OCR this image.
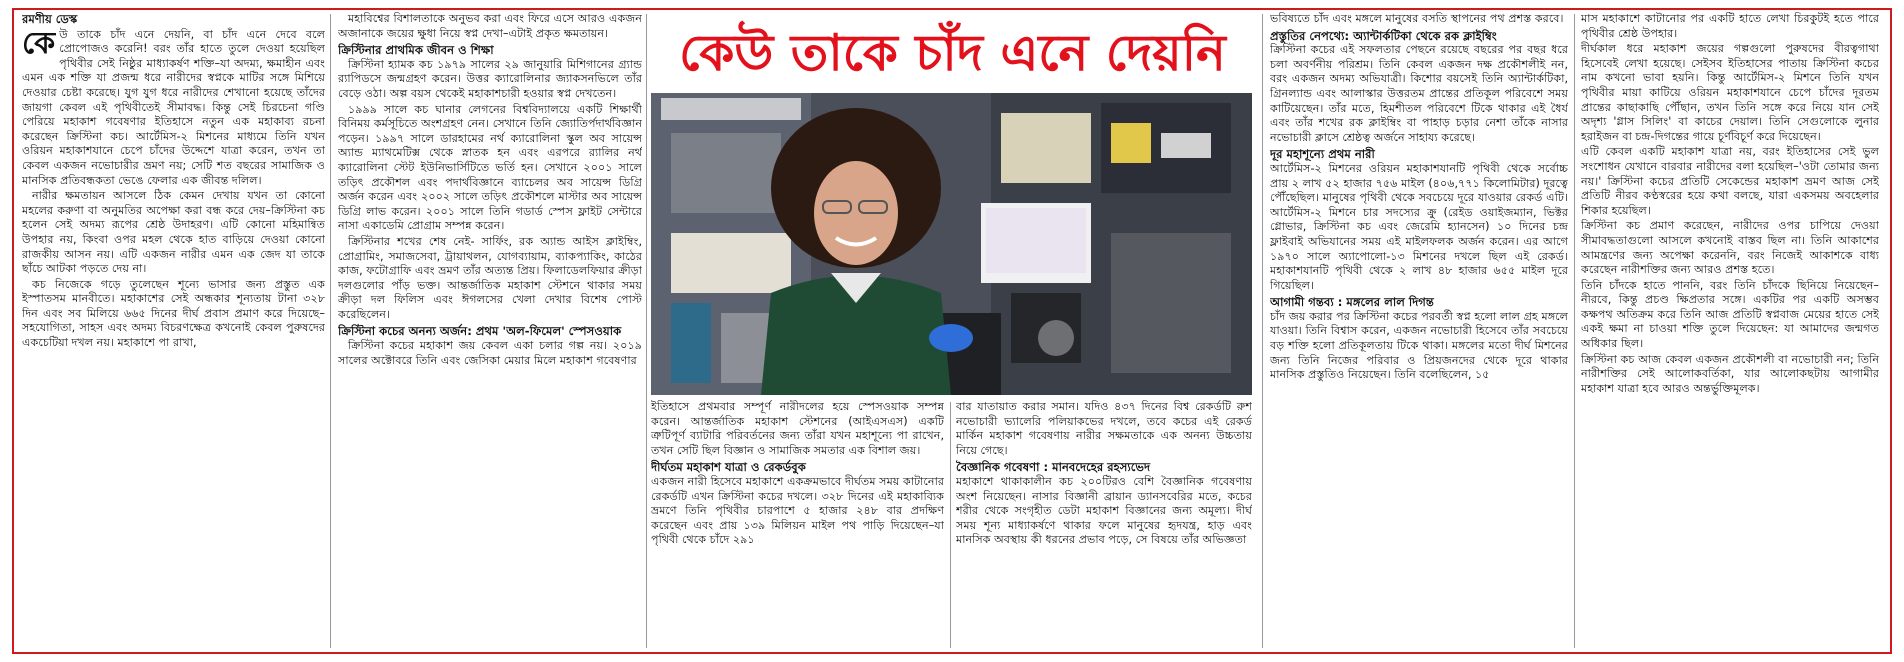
রমণীয় ডেস্ক

কেউ তাকে চাঁদ এনে দেয়নি, বা চাঁদ এনে দেবে বলে প্রোপোজও করেনি! বরং তাঁর হাতে তুলে দেওয়া হয়েছিল পৃথিবীর সেই নিষ্ঠুর মাধ্যাকর্ষণ শক্তি–যা অদম্য, ক্ষমাহীন এবং এমন এক শক্তি যা প্রজন্ম ধরে নারীদের স্বপ্নকে মাটির সঙ্গে মিশিয়ে দেওয়ার চেষ্টা করেছে। যুগ যুগ ধরে নারীদের শেখানো হয়েছে তাঁদের জায়গা কেবল এই পৃথিবীতেই সীমাবদ্ধ। কিন্তু সেই চিরচেনা গণ্ডি পেরিয়ে মহাকাশ গবেষণার ইতিহাসে নতুন এক মহাকাব্য রচনা করেছেন ক্রিস্টিনা কচ। আর্টেমিস-২ মিশনের মাধ্যমে তিনি যখন ওরিয়ন মহাকাশযানে চেপে চাঁদের উদ্দেশে যাত্রা করেন, তখন তা কেবল একজন নভোচারীর ভ্রমণ নয়; সেটি শত বছরের সামাজিক ও মানসিক প্রতিবন্ধকতা ভেঙে ফেলার এক জীবন্ত দলিল।

নারীর ক্ষমতায়ন আসলে ঠিক কেমন দেখায় যখন তা কোনো মহলের করুণা বা অনুমতির অপেক্ষা করা বন্ধ করে দেয়–ক্রিস্টিনা কচ হলেন সেই অদম্য রূপের শ্রেষ্ঠ উদাহরণ। এটি কোনো মহিমান্বিত উপহার নয়, কিংবা ওপর মহল থেকে হাত বাড়িয়ে দেওয়া কোনো রাজকীয় আসন নয়। এটি একজন নারীর এমন এক জেদ যা তাকে ছাঁচে আটকা পড়তে দেয় না।

কচ নিজেকে গড়ে তুলেছেন শূন্যে ভাসার জন্য প্রস্তুত এক ইস্পাতসম মানবীতে। মহাকাশের সেই অন্ধকার শূন্যতায় টানা ৩২৮ দিন এবং সব মিলিয়ে ৬৬৫ দিনের দীর্ঘ প্রবাস প্রমাণ করে দিয়েছে–সহযোগিতা, সাহস এবং অদম্য বিচরণক্ষেত্র কখনোই কেবল পুরুষদের একচেটিয়া দখল নয়। মহাকাশে পা রাখা,

মহাবিশ্বের বিশালতাকে অনুভব করা এবং ফিরে এসে আরও একজন অজানাকে জয়ের ক্ষুধা নিয়ে স্বপ্ন দেখা–এটাই প্রকৃত ক্ষমতায়ন।

ক্রিস্টিনার প্রাথমিক জীবন ও শিক্ষা

ক্রিস্টিনা হ্যামক কচ ১৯৭৯ সালের ২৯ জানুয়ারি মিশিগানের গ্র্যান্ড র‍্যাপিডসে জন্মগ্রহণ করেন। উত্তর ক্যারোলিনার জ্যাকসনভিলে তাঁর বেড়ে ওঠা। অল্প বয়স থেকেই মহাকাশচারী হওয়ার স্বপ্ন দেখতেন।

১৯৯৯ সালে কচ ঘানার লেগনের বিশ্ববিদ্যালয়ে একটি শিক্ষার্থী বিনিময় কর্মসূচিতে অংশগ্রহণ নেন। সেখানে তিনি জ্যোতির্পদার্থবিজ্ঞান পড়েন। ১৯৯৭ সালে ডারহামের নর্থ ক্যারোলিনা স্কুল অব সায়েন্স অ্যান্ড ম্যাথমেটিক্স থেকে স্নাতক হন এবং এরপরে র‍্যালির নর্থ ক্যারোলিনা স্টেট ইউনিভার্সিটিতে ভর্তি হন। সেখানে ২০০১ সালে তড়িৎ প্রকৌশল এবং পদার্থবিজ্ঞানে ব্যাচেলর অব সায়েন্স ডিগ্রি অর্জন করেন এবং ২০০২ সালে তড়িৎ প্রকৌশলে মাস্টার অব সায়েন্স ডিগ্রি লাভ করেন। ২০০১ সালে তিনি গডার্ড স্পেস ফ্লাইট সেন্টারে নাসা একাডেমি প্রোগ্রাম সম্পন্ন করেন।

ক্রিস্টিনার শখের শেষ নেই- সার্ফিং, রক অ্যান্ড আইস ক্লাইম্বিং, প্রোগ্রামিং, সমাজসেবা, ট্রায়াথলন, যোগব্যায়াম, ব্যাকপ্যাকিং, কাঠের কাজ, ফটোগ্রাফি এবং ভ্রমণ তাঁর অত্যন্ত প্রিয়। ফিলাডেলফিয়ার ক্রীড়া দলগুলোর পাঁড় ভক্ত। আন্তর্জাতিক মহাকাশ স্টেশনে থাকার সময় ক্রীড়া দল ফিলিস এবং ঈগলসের খেলা দেখার বিশেষ পোস্ট করেছিলেন।

ক্রিস্টিনা কচের অনন্য অর্জন: প্রথম 'অল-ফিমেল' স্পেসওয়াক

ক্রিস্টিনা কচের মহাকাশ জয় কেবল একা চলার গল্প নয়। ২০১৯ সালের অক্টোবরে তিনি এবং জেসিকা মেয়ার মিলে মহাকাশ গবেষণার

কেউ তাকে চাঁদ এনে দেয়নি

ইতিহাসে প্রথমবার সম্পূর্ণ নারীদলের হয়ে স্পেসওয়াক সম্পন্ন করেন। আন্তর্জাতিক মহাকাশ স্টেশনের (আইএসএস) একটি ত্রুটিপূর্ণ ব্যাটারি পরিবর্তনের জন্য তাঁরা যখন মহাশূন্যে পা রাখেন, তখন সেটি ছিল বিজ্ঞান ও সামাজিক সমতার এক বিশাল জয়।

দীর্ঘতম মহাকাশ যাত্রা ও রেকর্ডবুক

একজন নারী হিসেবে মহাকাশে একক্রমভাবে দীর্ঘতম সময় কাটানোর রেকর্ডটি এখন ক্রিস্টিনা কচের দখলে। ৩২৮ দিনের এই মহাকাব্যিক ভ্রমণে তিনি পৃথিবীর চারপাশে ৫ হাজার ২৪৮ বার প্রদক্ষিণ করেছেন এবং প্রায় ১৩৯ মিলিয়ন মাইল পথ পাড়ি দিয়েছেন–যা পৃথিবী থেকে চাঁদে ২৯১

বার যাতায়াত করার সমান। যদিও ৪৩৭ দিনের বিশ্ব রেকর্ডটি রুশ নভোচারী ভ্যালেরি পলিয়াকভের দখলে, তবে কচের এই রেকর্ড মার্কিন মহাকাশ গবেষণায় নারীর সক্ষমতাকে এক অনন্য উচ্চতায় নিয়ে গেছে।

বৈজ্ঞানিক গবেষণা : মানবদেহের রহস্যভেদ

মহাকাশে থাকাকালীন কচ ২০০টিরও বেশি বৈজ্ঞানিক গবেষণায় অংশ নিয়েছেন। নাসার বিজ্ঞানী ব্রায়ান ড্যানসবেরির মতে, কচের শরীর থেকে সংগৃহীত ডেটা মহাকাশ বিজ্ঞানের জন্য অমূল্য। দীর্ঘ সময় শূন্য মাধ্যাকর্ষণে থাকার ফলে মানুষের হৃদযন্ত্র, হাড় এবং মানসিক অবস্থায় কী ধরনের প্রভাব পড়ে, সে বিষয়ে তাঁর অভিজ্ঞতা

ভবিষ্যতে চাঁদ এবং মঙ্গলে মানুষের বসতি স্থাপনের পথ প্রশস্ত করবে।

প্রস্তুতির নেপথ্যে: অ্যান্টার্কটিকা থেকে রক ক্লাইম্বিং

ক্রিস্টিনা কচের এই সফলতার পেছনে রয়েছে বছরের পর বছর ধরে চলা অবর্ণনীয় পরিশ্রম। তিনি কেবল একজন দক্ষ প্রকৌশলীই নন, বরং একজন অদম্য অভিযাত্রী। কিশোর বয়সেই তিনি অ্যান্টার্কটিকা, গ্রিনল্যান্ড এবং আলাস্কার উত্তরতম প্রান্তের প্রতিকূল পরিবেশে সময় কাটিয়েছেন। তাঁর মতে, হিমশীতল পরিবেশে টিকে থাকার এই ধৈর্য এবং তাঁর শখের রক ক্লাইম্বিং বা পাহাড় চড়ার নেশা তাঁকে নাসার নভোচারী ক্লাসে শ্রেষ্ঠত্ব অর্জনে সাহায্য করেছে।

দূর মহাশূন্যে প্রথম নারী

আর্টেমিস-২ মিশনের ওরিয়ন মহাকাশযানটি পৃথিবী থেকে সর্বোচ্চ প্রায় ২ লাখ ৫২ হাজার ৭৫৬ মাইল (৪০৬,৭৭১ কিলোমিটার) দূরত্বে পৌঁছেছিল। মানুষের পৃথিবী থেকে সবচেয়ে দূরে যাওয়ার রেকর্ড এটি। আর্টেমিস-২ মিশনে চার সদস্যের ক্রু (রেইড ওয়াইজম্যান, ভিক্টর গ্লোভার, ক্রিস্টিনা কচ এবং জেরেমি হ্যানসেন) ১০ দিনের চন্দ্র ফ্লাইবাই অভিযানের সময় এই মাইলফলক অর্জন করেন। এর আগে ১৯৭০ সালে অ্যাপোলো-১৩ মিশনের দখলে ছিল এই রেকর্ড। মহাকাশযানটি পৃথিবী থেকে ২ লাখ ৪৮ হাজার ৬৫৫ মাইল দূরে গিয়েছিল।

আগামী গন্তব্য : মঙ্গলের লাল দিগন্ত

চাঁদ জয় করার পর ক্রিস্টিনা কচের পরবর্তী স্বপ্ন হলো লাল গ্রহ মঙ্গলে যাওয়া। তিনি বিশ্বাস করেন, একজন নভোচারী হিসেবে তাঁর সবচেয়ে বড় শক্তি হলো প্রতিকূলতায় টিকে থাকা। মঙ্গলের মতো দীর্ঘ মিশনের জন্য তিনি নিজের পরিবার ও প্রিয়জনদের থেকে দূরে থাকার মানসিক প্রস্তুতিও নিয়েছেন। তিনি বলেছিলেন, ১৫

মাস মহাকাশে কাটানোর পর একটি হাতে লেখা চিরকুটই হতে পারে পৃথিবীর শ্রেষ্ঠ উপহার।

দীর্ঘকাল ধরে মহাকাশ জয়ের গল্পগুলো পুরুষদের বীরত্বগাথা হিসেবেই লেখা হয়েছে। সেইসব ইতিহাসের পাতায় ক্রিস্টিনা কচের নাম কখনো ভাবা হয়নি। কিন্তু আর্টেমিস-২ মিশনে তিনি যখন পৃথিবীর মায়া কাটিয়ে ওরিয়ন মহাকাশযানে চেপে চাঁদের দূরতম প্রান্তের কাছাকাছি পৌঁছান, তখন তিনি সঙ্গে করে নিয়ে যান সেই অদৃশ্য 'গ্লাস সিলিং' বা কাচের দেয়াল। তিনি সেগুলোকে লুনার হরাইজন বা চন্দ্র-দিগন্তের গায়ে চূর্ণবিচূর্ণ করে দিয়েছেন।

এটি কেবল একটি মহাকাশ যাত্রা নয়, বরং ইতিহাসের সেই ভুল সংশোধন যেখানে বারবার নারীদের বলা হয়েছিল–'ওটা তোমার জন্য নয়।' ক্রিস্টিনা কচের প্রতিটি সেকেন্ডের মহাকাশ ভ্রমণ আজ সেই প্রতিটি নীরব কণ্ঠস্বরের হয়ে কথা বলছে, যারা একসময় অবহেলার শিকার হয়েছিল।

ক্রিস্টিনা কচ প্রমাণ করেছেন, নারীদের ওপর চাপিয়ে দেওয়া সীমাবদ্ধতাগুলো আসলে কখনোই বাস্তব ছিল না। তিনি আকাশের আমন্ত্রণের জন্য অপেক্ষা করেননি, বরং নিজেই আকাশকে বাধ্য করেছেন নারীশক্তির জন্য আরও প্রশস্ত হতে।

তিনি চাঁদকে হাতে পাননি, বরং তিনি চাঁদকে ছিনিয়ে নিয়েছেন–নীরবে, কিন্তু প্রচণ্ড ক্ষিপ্রতার সঙ্গে। একটির পর একটি অসম্ভব কক্ষপথ অতিক্রম করে তিনি আজ প্রতিটি স্বপ্নবাজ মেয়ের হাতে সেই একই ক্ষমা না চাওয়া শক্তি তুলে দিয়েছেন: যা আমাদের জন্মগত অধিকার ছিল।

ক্রিস্টিনা কচ আজ কেবল একজন প্রকৌশলী বা নভোচারী নন; তিনি নারীশক্তির সেই আলোকবর্তিকা, যার আলোকছটায় আগামীর মহাকাশ যাত্রা হবে আরও অন্তর্ভুক্তিমূলক।
